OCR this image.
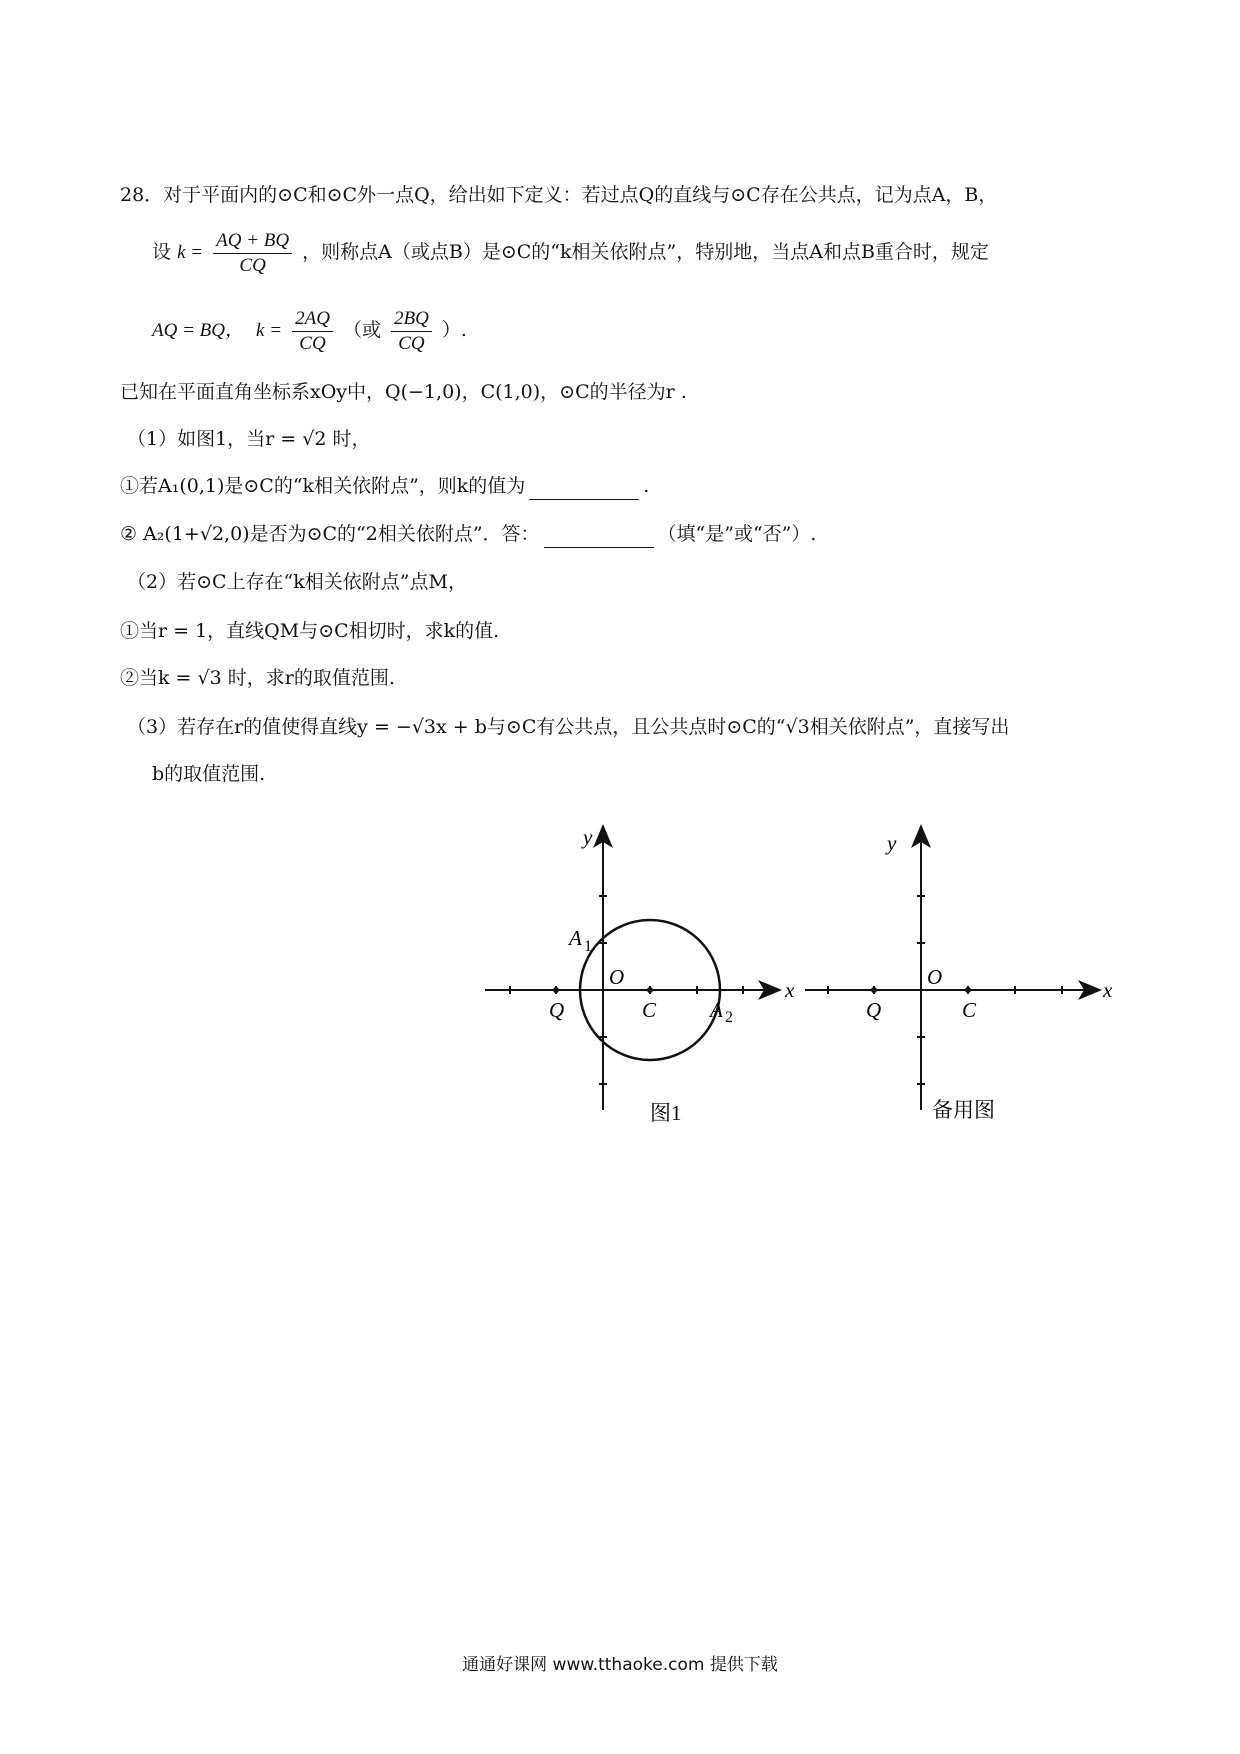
28．对于平面内的⊙C和⊙C外一点Q，给出如下定义：若过点Q的直线与⊙C存在公共点，记为点A，B，
设 $k = \frac{AQ + BQ}{CQ}$ ，则称点A（或点B）是⊙C的“k相关依附点”，特别地，当点A和点B重合时，规定
AQ = BQ， $k = \frac{2AQ}{CQ}$ （或 $\frac{2BQ}{CQ}$ ）.
已知在平面直角坐标系xOy中，Q(−1,0)，C(1,0)，⊙C的半径为r .
（1）如图1，当r = √2 时，
①若A₁(0,1)是⊙C的“k相关依附点”，则k的值为	.
② A₂(1+√2,0)是否为⊙C的“2相关依附点”．答：	（填“是”或“否”）.
（2）若⊙C上存在“k相关依附点”点M，
①当r = 1，直线QM与⊙C相切时，求k的值.
②当k = √3 时，求r的取值范围.
（3）若存在r的值使得直线y = −√3x + b与⊙C有公共点，且公共点时⊙C的“√3相关依附点”，直接写出
b的取值范围.
y
x
O
Q	C
A 1
A 2
图1
y
x
O
Q	C
备用图
通通好课网 www.tthaoke.com 提供下载
